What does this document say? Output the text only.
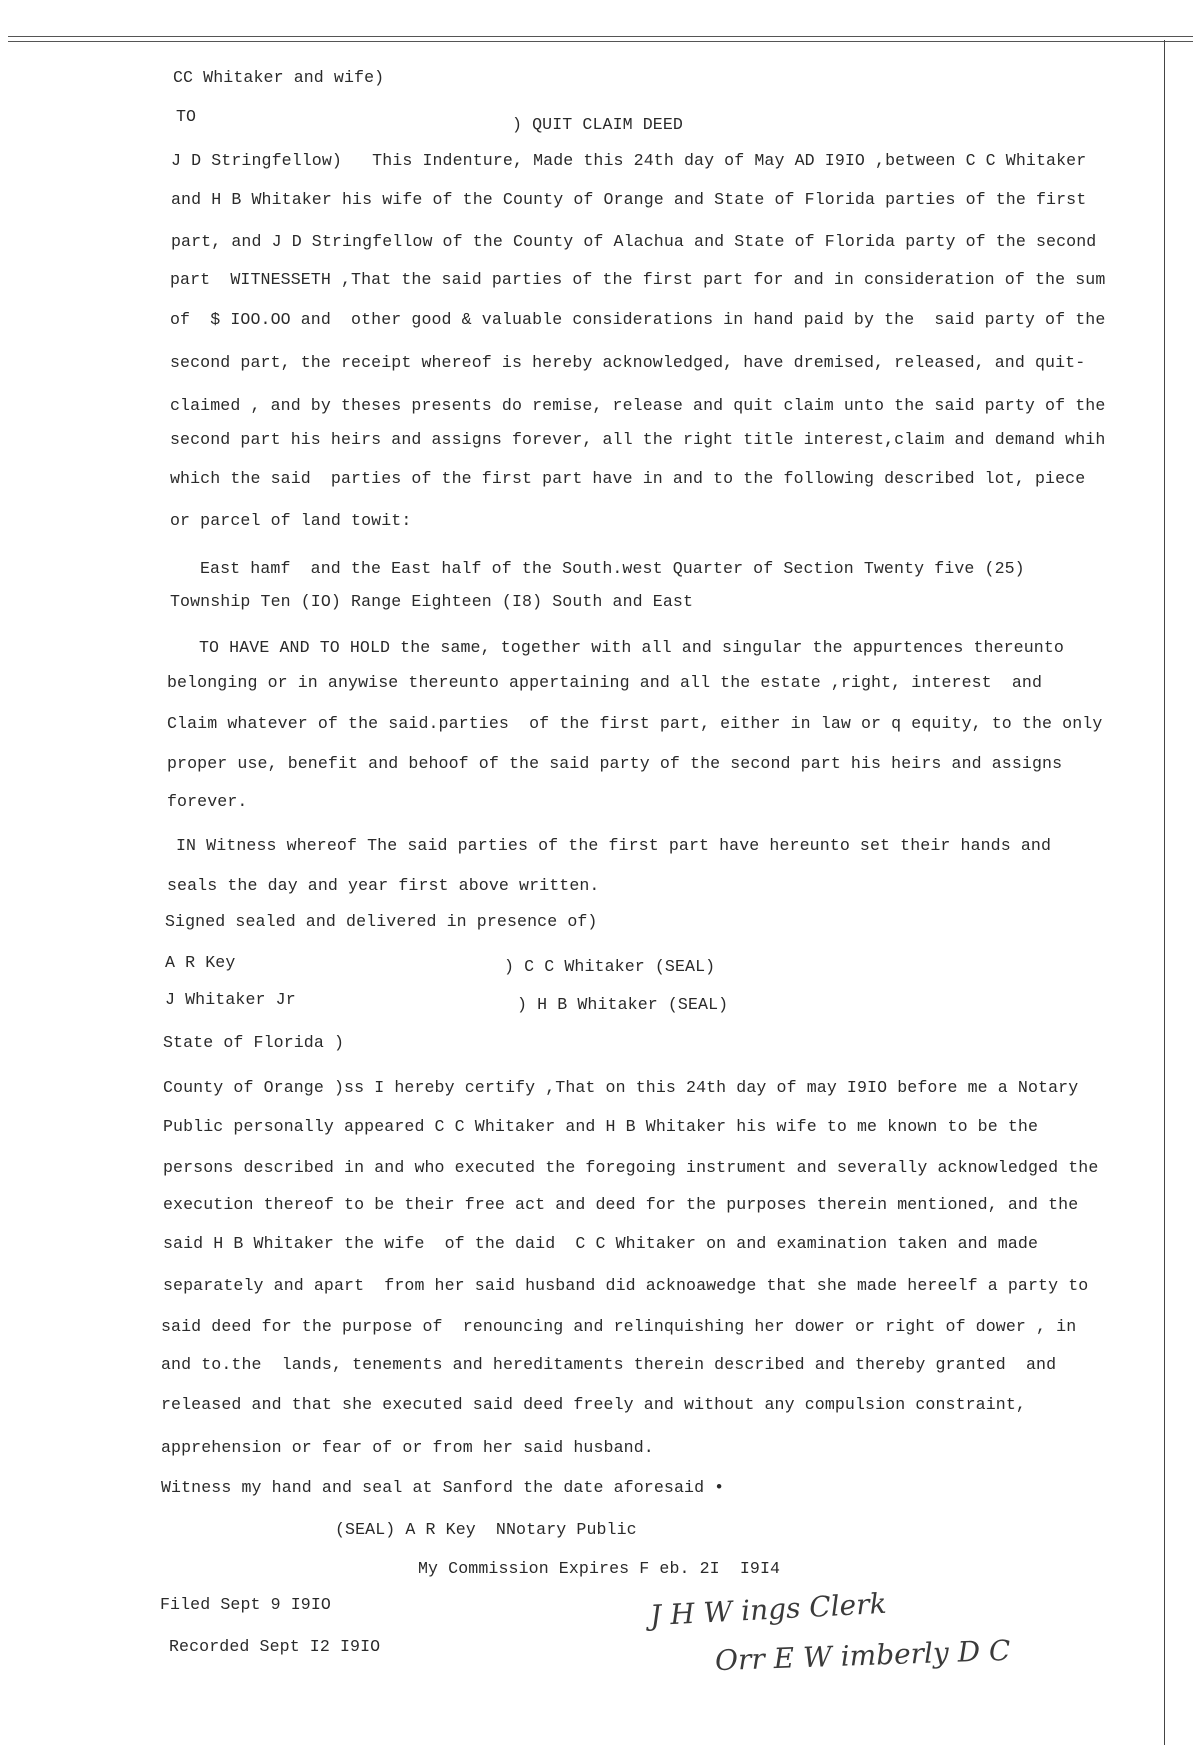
CC Whitaker and wife)
TO	) QUIT CLAIM DEED
J D Stringfellow)   This Indenture, Made this 24th day of May AD I9IO ,between C C Whitaker
and H B Whitaker his wife of the County of Orange and State of Florida parties of the first
part, and J D Stringfellow of the County of Alachua and State of Florida party of the second
part  WITNESSETH ,That the said parties of the first part for and in consideration of the sum
of  $ IOO.OO and  other good & valuable considerations in hand paid by the  said party of the
second part, the receipt whereof is hereby acknowledged, have dremised, released, and quit-
claimed , and by theses presents do remise, release and quit claim unto the said party of the
second part his heirs and assigns forever, all the right title interest,claim and demand whih
which the said  parties of the first part have in and to the following described lot, piece
or parcel of land towit:
East hamf  and the East half of the South.west Quarter of Section Twenty five (25)
Township Ten (IO) Range Eighteen (I8) South and East
TO HAVE AND TO HOLD the same, together with all and singular the appurtences thereunto
belonging or in anywise thereunto appertaining and all the estate ,right, interest  and
Claim whatever of the said.parties  of the first part, either in law or q equity, to the only
proper use, benefit and behoof of the said party of the second part his heirs and assigns
forever.
IN Witness whereof The said parties of the first part have hereunto set their hands and
seals the day and year first above written.
Signed sealed and delivered in presence of)
A R Key	) C C Whitaker (SEAL)
J Whitaker Jr	) H B Whitaker (SEAL)
State of Florida )
County of Orange )ss I hereby certify ,That on this 24th day of may I9IO before me a Notary
Public personally appeared C C Whitaker and H B Whitaker his wife to me known to be the
persons described in and who executed the foregoing instrument and severally acknowledged the
execution thereof to be their free act and deed for the purposes therein mentioned, and the
said H B Whitaker the wife  of the daid  C C Whitaker on and examination taken and made
separately and apart  from her said husband did acknoawedge that she made hereelf a party to
said deed for the purpose of  renouncing and relinquishing her dower or right of dower , in
and to.the  lands, tenements and hereditaments therein described and thereby granted  and
released and that she executed said deed freely and without any compulsion constraint,
apprehension or fear of or from her said husband.
Witness my hand and seal at Sanford the date aforesaid •
(SEAL) A R Key  NNotary Public
My Commission Expires F eb. 2I  I9I4
Filed Sept 9 I9IO
Recorded Sept I2 I9IO
J H W ings Clerk
Orr E W imberly D C
